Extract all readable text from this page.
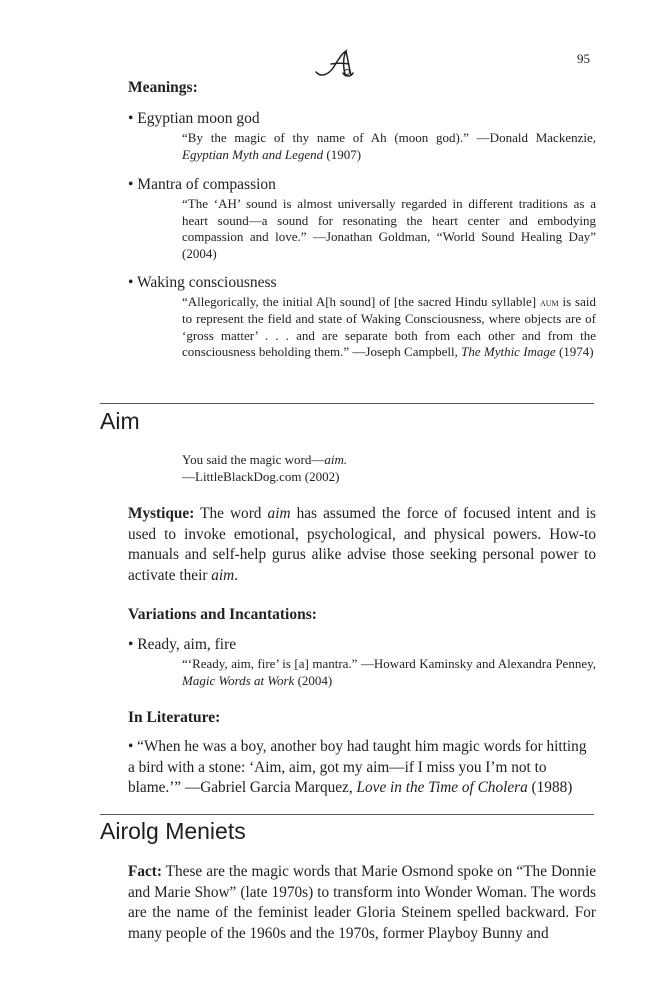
95

Meanings:

• Egyptian moon god

“By the magic of thy name of Ah (moon god).” —Donald Mackenzie, Egyptian Myth and Legend (1907)

• Mantra of compassion

“The ‘AH’ sound is almost universally regarded in different traditions as a heart sound—a sound for resonating the heart center and embodying compassion and love.” —Jonathan Goldman, “World Sound Healing Day” (2004)

• Waking consciousness

“Allegorically, the initial A[h sound] of [the sacred Hindu syllable] aum is said to represent the field and state of Waking Consciousness, where objects are of ‘gross matter’ . . . and are separate both from each other and from the consciousness beholding them.” —Joseph Campbell, The Mythic Image (1974)
Aim

You said the magic word—aim.

—LittleBlackDog.com (2002)

Mystique: The word aim has assumed the force of focused intent and is used to invoke emotional, psychological, and physical powers. How-to manuals and self-help gurus alike advise those seeking personal power to activate their aim.

Variations and Incantations:

• Ready, aim, fire

“‘Ready, aim, fire’ is [a] mantra.” —Howard Kaminsky and Alexandra Penney, Magic Words at Work (2004)

In Literature:

• “When he was a boy, another boy had taught him magic words for hitting a bird with a stone: ‘Aim, aim, got my aim—if I miss you I’m not to blame.’” —Gabriel Garcia Marquez, Love in the Time of Cholera (1988)

Airolg Meniets

Fact: These are the magic words that Marie Osmond spoke on “The Donnie and Marie Show” (late 1970s) to transform into Wonder Woman. The words are the name of the feminist leader Gloria Steinem spelled backward. For many people of the 1960s and the 1970s, former Playboy Bunny and
